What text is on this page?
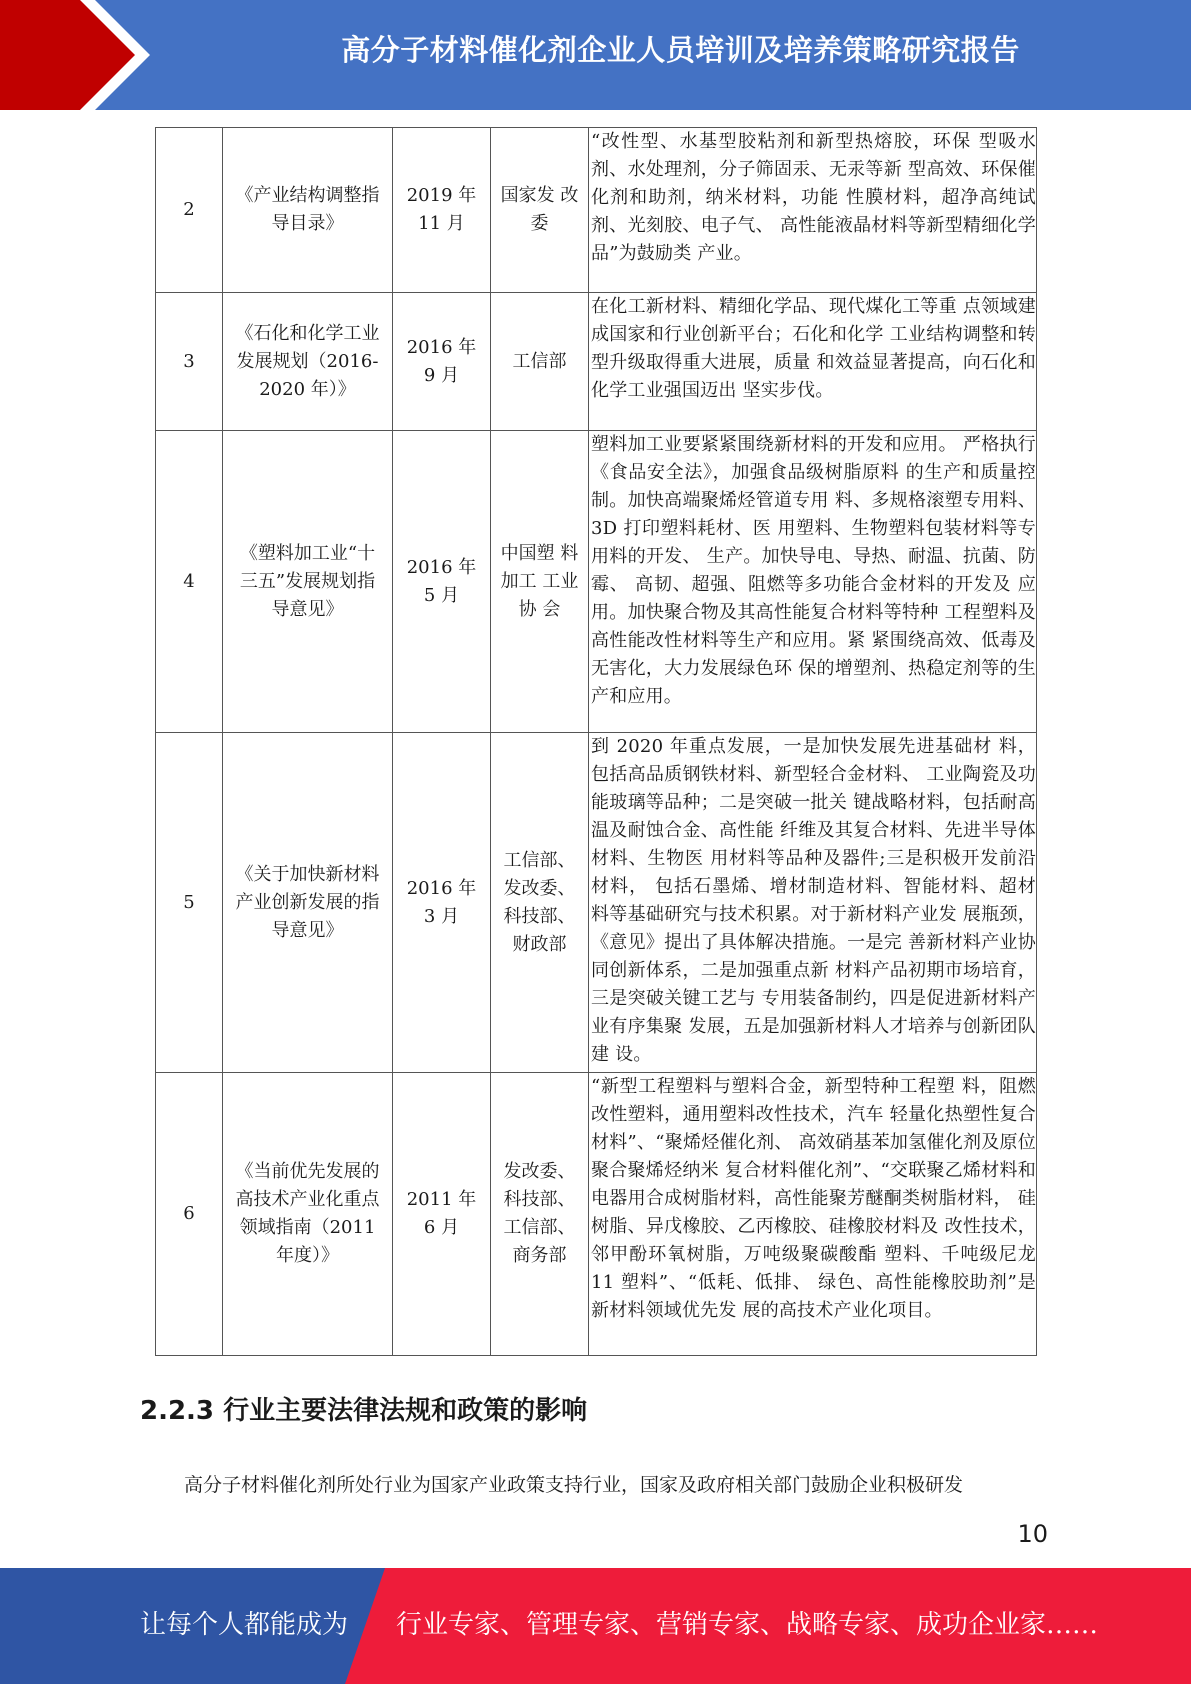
高分子材料催化剂企业人员培训及培养策略研究报告
2	《产业结构调整指导目录》	2019 年 11 月	国家发 改委	“改性型、水基型胶粘剂和新型热熔胶，环保 型吸水剂、水处理剂，分子筛固汞、无汞等新 型高效、环保催化剂和助剂，纳米材料，功能 性膜材料，超净高纯试剂、光刻胶、电子气、 高性能液晶材料等新型精细化学品”为鼓励类 产业。

3	《石化和化学工业发展规划（2016-2020 年）》	2016 年 9 月	工信部	在化工新材料、精细化学品、现代煤化工等重 点领域建成国家和行业创新平台；石化和化学 工业结构调整和转型升级取得重大进展，质量 和效益显著提高，向石化和化学工业强国迈出 坚实步伐。

4	《塑料加工业“十三五”发展规划指导意见》	2016 年 5 月	中国塑 料加工 工业协 会	塑料加工业要紧紧围绕新材料的开发和应用。 严格执行《食品安全法》，加强食品级树脂原料 的生产和质量控制。加快高端聚烯烃管道专用 料、多规格滚塑专用料、3D 打印塑料耗材、医 用塑料、生物塑料包装材料等专用料的开发、 生产。加快导电、导热、耐温、抗菌、防霉、 高韧、超强、阻燃等多功能合金材料的开发及 应用。加快聚合物及其高性能复合材料等特种 工程塑料及高性能改性材料等生产和应用。紧 紧围绕高效、低毒及无害化，大力发展绿色环 保的增塑剂、热稳定剂等的生产和应用。

5	《关于加快新材料产业创新发展的指导意见》	2016 年 3 月	工信部、发改委、科技部、财政部	到 2020 年重点发展，一是加快发展先进基础材 料，包括高品质钢铁材料、新型轻合金材料、 工业陶瓷及功能玻璃等品种；二是突破一批关 键战略材料，包括耐高温及耐蚀合金、高性能 纤维及其复合材料、先进半导体材料、生物医 用材料等品种及器件;三是积极开发前沿材料， 包括石墨烯、增材制造材料、智能材料、超材 料等基础研究与技术积累。对于新材料产业发 展瓶颈，《意见》提出了具体解决措施。一是完 善新材料产业协同创新体系，二是加强重点新 材料产品初期市场培育，三是突破关键工艺与 专用装备制约，四是促进新材料产业有序集聚 发展，五是加强新材料人才培养与创新团队建 设。

6	《当前优先发展的高技术产业化重点领域指南（2011 年度）》	2011 年 6 月	发改委、科技部、工信部、商务部	“新型工程塑料与塑料合金，新型特种工程塑 料，阻燃改性塑料，通用塑料改性技术，汽车 轻量化热塑性复合材料”、“聚烯烃催化剂、 高效硝基苯加氢催化剂及原位聚合聚烯烃纳米 复合材料催化剂”、“交联聚乙烯材料和电器用合成树脂材料，高性能聚芳醚酮类树脂材料， 硅树脂、异戊橡胶、乙丙橡胶、硅橡胶材料及 改性技术，邻甲酚环氧树脂，万吨级聚碳酸酯 塑料、千吨级尼龙 11 塑料”、“低耗、低排、 绿色、高性能橡胶助剂”是新材料领域优先发 展的高技术产业化项目。
2.2.3 行业主要法律法规和政策的影响
高分子材料催化剂所处行业为国家产业政策支持行业，国家及政府相关部门鼓励企业积极研发
10
让每个人都能成为 行业专家、管理专家、营销专家、战略专家、成功企业家……
